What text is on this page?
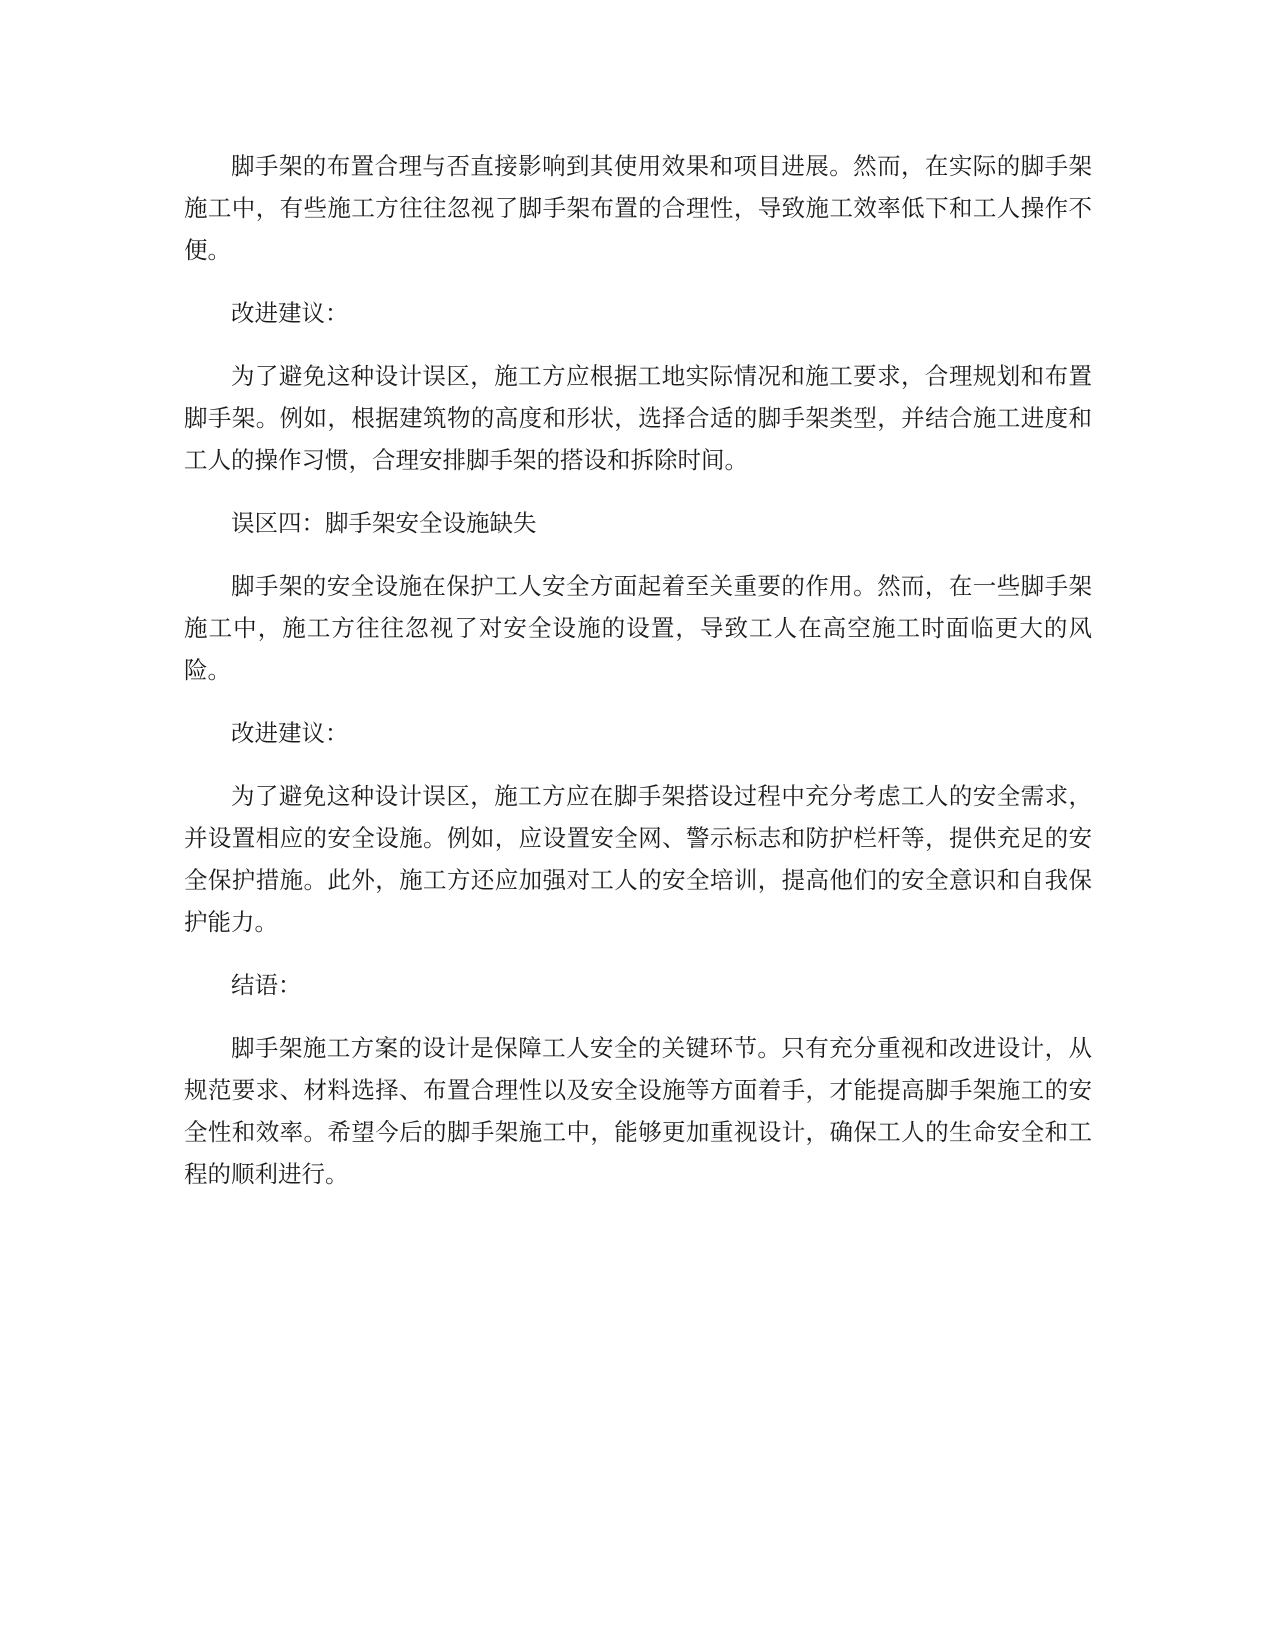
脚手架的布置合理与否直接影响到其使用效果和项目进展。然而，在实际的脚手架施工中，有些施工方往往忽视了脚手架布置的合理性，导致施工效率低下和工人操作不便。

改进建议：

为了避免这种设计误区，施工方应根据工地实际情况和施工要求，合理规划和布置脚手架。例如，根据建筑物的高度和形状，选择合适的脚手架类型，并结合施工进度和工人的操作习惯，合理安排脚手架的搭设和拆除时间。

误区四：脚手架安全设施缺失

脚手架的安全设施在保护工人安全方面起着至关重要的作用。然而，在一些脚手架施工中，施工方往往忽视了对安全设施的设置，导致工人在高空施工时面临更大的风险。

改进建议：

为了避免这种设计误区，施工方应在脚手架搭设过程中充分考虑工人的安全需求，并设置相应的安全设施。例如，应设置安全网、警示标志和防护栏杆等，提供充足的安全保护措施。此外，施工方还应加强对工人的安全培训，提高他们的安全意识和自我保护能力。

结语：

脚手架施工方案的设计是保障工人安全的关键环节。只有充分重视和改进设计，从规范要求、材料选择、布置合理性以及安全设施等方面着手，才能提高脚手架施工的安全性和效率。希望今后的脚手架施工中，能够更加重视设计，确保工人的生命安全和工程的顺利进行。
